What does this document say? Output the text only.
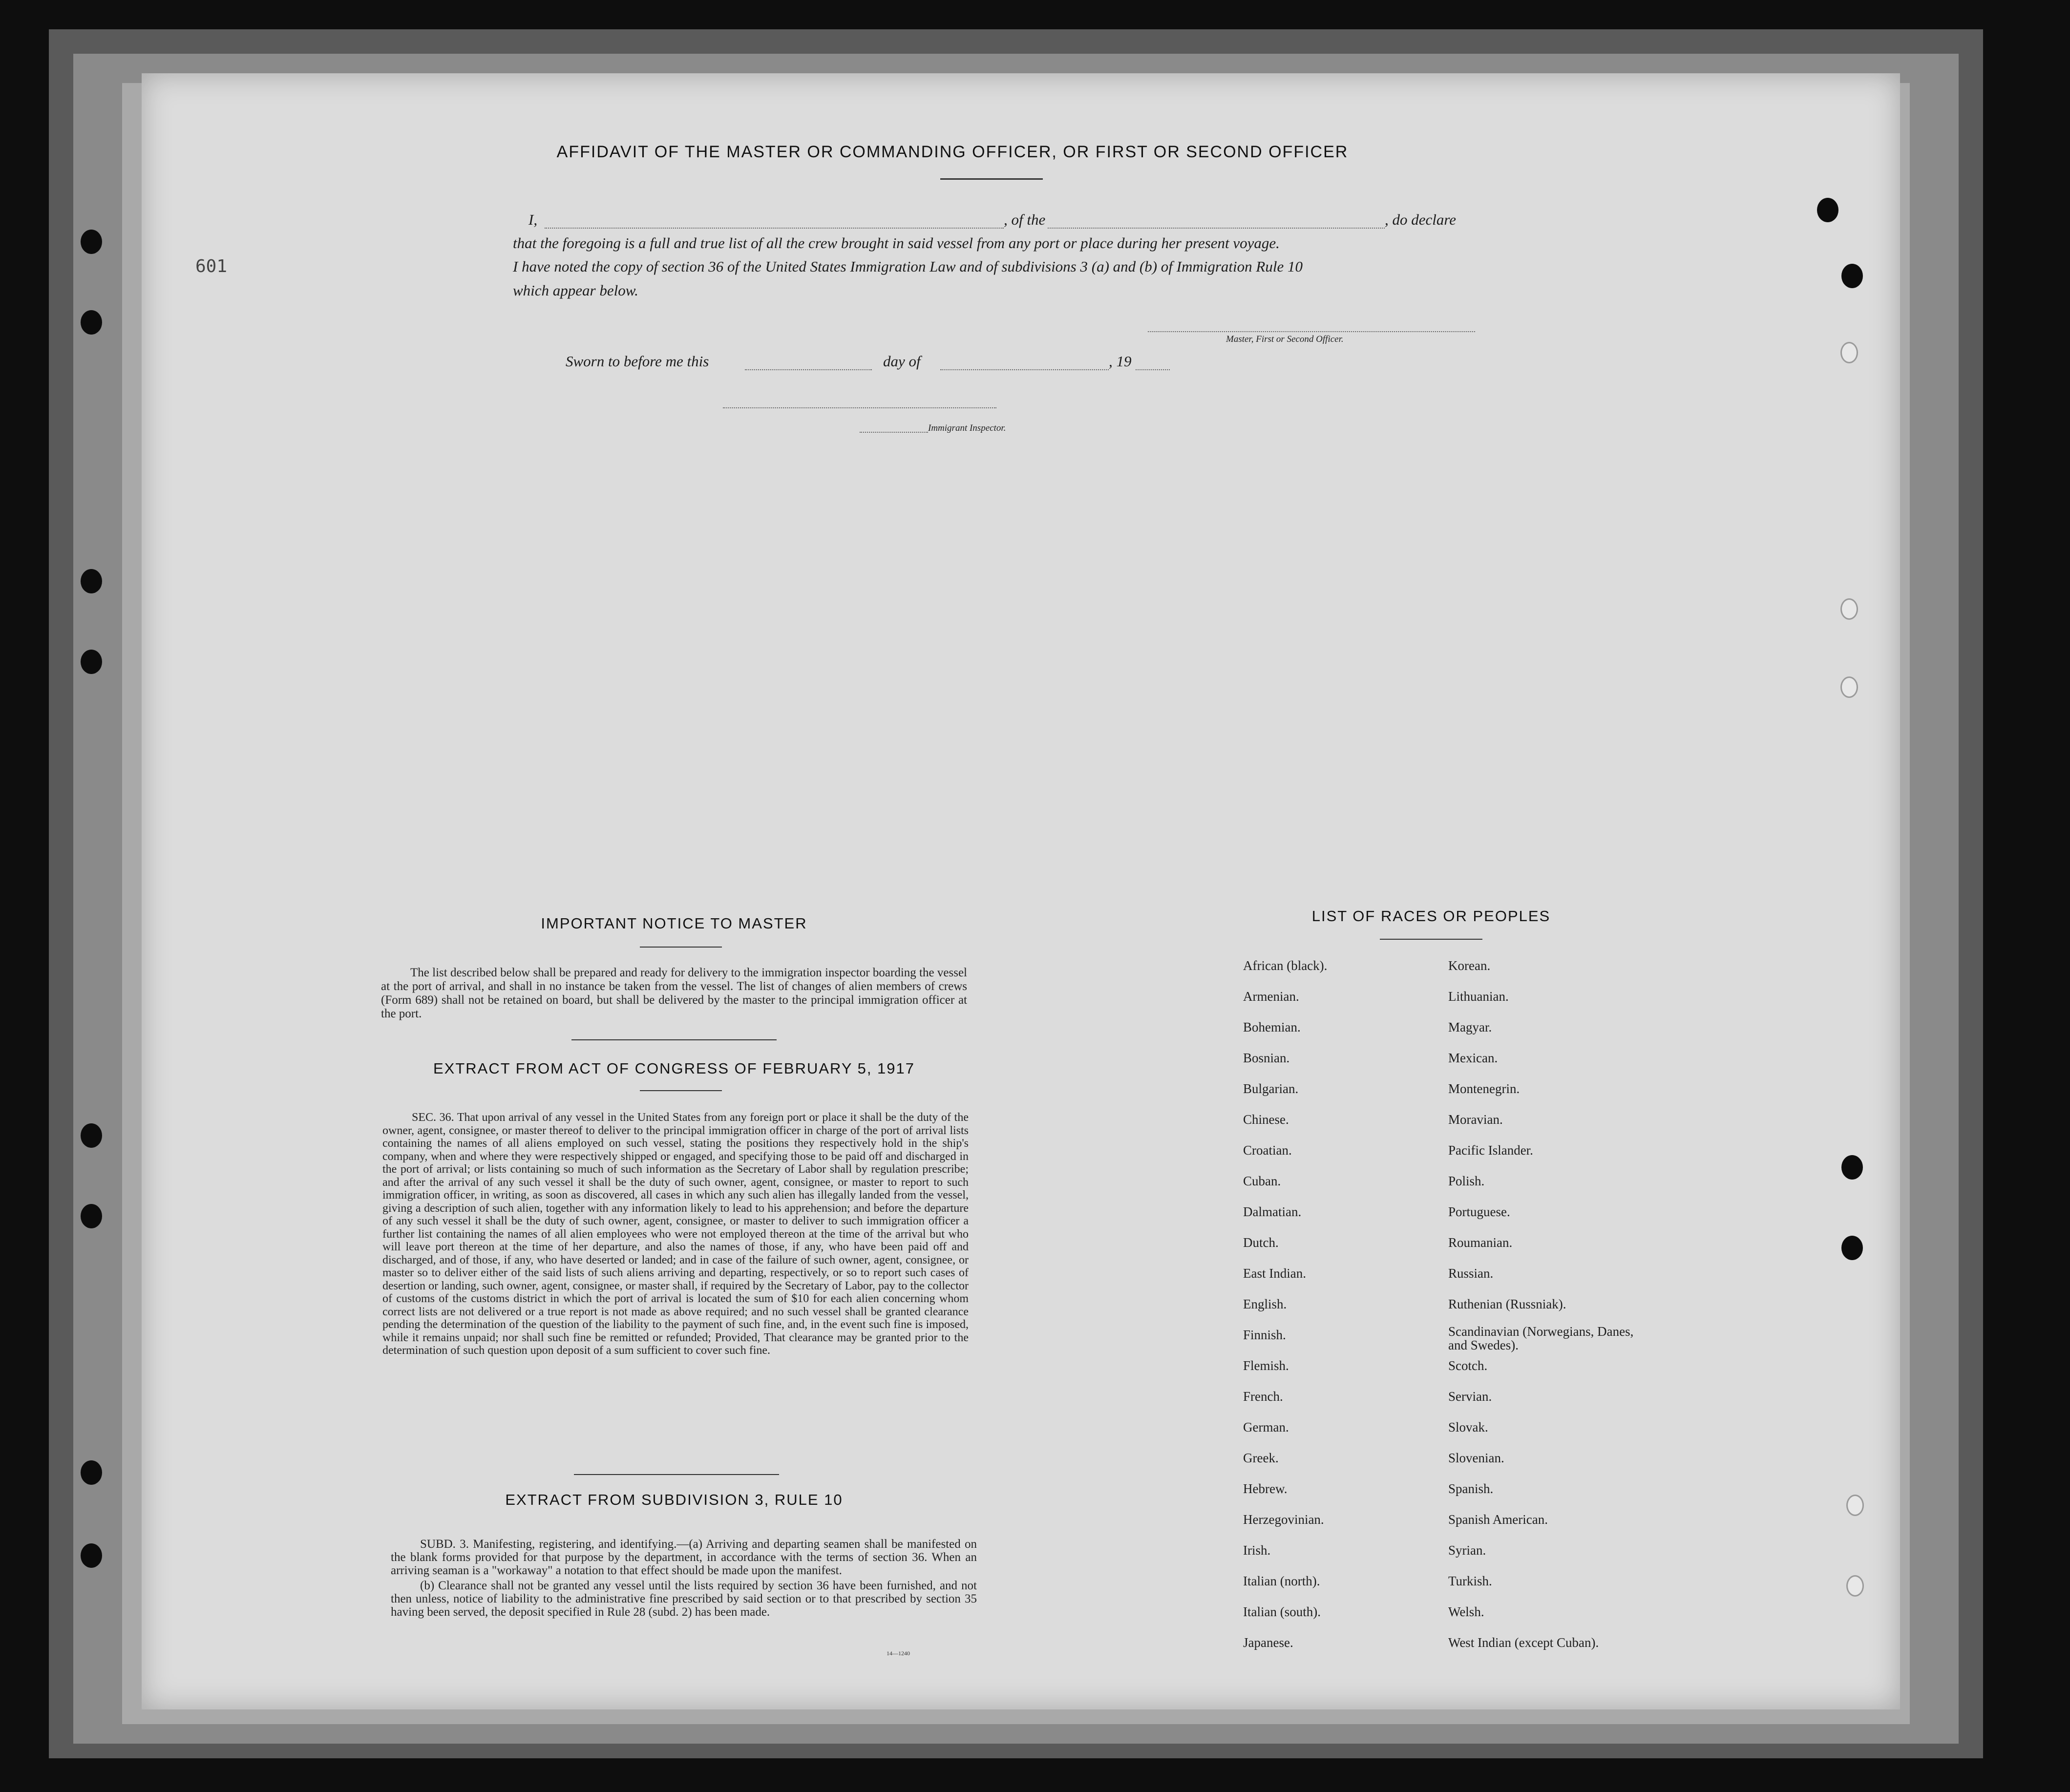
601
AFFIDAVIT OF THE MASTER OR COMMANDING OFFICER, OR FIRST OR SECOND OFFICER
I,	, of the	, do declare
that the foregoing is a full and true list of all the crew brought in said vessel from any port or place during her present voyage.
I have noted the copy of section 36 of the United States Immigration Law and of subdivisions 3 (a) and (b) of Immigration Rule 10
which appear below.
Master, First or Second Officer.
Sworn to before me this	day of	, 19
Immigrant Inspector.
IMPORTANT NOTICE TO MASTER

The list described below shall be prepared and ready for delivery to the immigration inspector boarding the vessel at the port of arrival, and shall in no instance be taken from the vessel. The list of changes of alien members of crews (Form 689) shall not be retained on board, but shall be delivered by the master to the principal immigration officer at the port.

EXTRACT FROM ACT OF CONGRESS OF FEBRUARY 5, 1917

SEC. 36. That upon arrival of any vessel in the United States from any foreign port or place it shall be the duty of the owner, agent, consignee, or master thereof to deliver to the principal immigration officer in charge of the port of arrival lists containing the names of all aliens employed on such vessel, stating the positions they respectively hold in the ship's company, when and where they were respectively shipped or engaged, and specifying those to be paid off and discharged in the port of arrival; or lists containing so much of such information as the Secretary of Labor shall by regulation prescribe; and after the arrival of any such vessel it shall be the duty of such owner, agent, consignee, or master to report to such immigration officer, in writing, as soon as discovered, all cases in which any such alien has illegally landed from the vessel, giving a description of such alien, together with any information likely to lead to his apprehension; and before the departure of any such vessel it shall be the duty of such owner, agent, consignee, or master to deliver to such immigration officer a further list containing the names of all alien employees who were not employed thereon at the time of the arrival but who will leave port thereon at the time of her departure, and also the names of those, if any, who have been paid off and discharged, and of those, if any, who have deserted or landed; and in case of the failure of such owner, agent, consignee, or master so to deliver either of the said lists of such aliens arriving and departing, respectively, or so to report such cases of desertion or landing, such owner, agent, consignee, or master shall, if required by the Secretary of Labor, pay to the collector of customs of the customs district in which the port of arrival is located the sum of $10 for each alien concerning whom correct lists are not delivered or a true report is not made as above required; and no such vessel shall be granted clearance pending the determination of the question of the liability to the payment of such fine, and, in the event such fine is imposed, while it remains unpaid; nor shall such fine be remitted or refunded; Provided, That clearance may be granted prior to the determination of such question upon deposit of a sum sufficient to cover such fine.

EXTRACT FROM SUBDIVISION 3, RULE 10

SUBD. 3. Manifesting, registering, and identifying.—(a) Arriving and departing seamen shall be manifested on the blank forms provided for that purpose by the department, in accordance with the terms of section 36. When an arriving seaman is a "workaway" a notation to that effect should be made upon the manifest.

(b) Clearance shall not be granted any vessel until the lists required by section 36 have been furnished, and not then unless, notice of liability to the administrative fine prescribed by said section or to that prescribed by section 35 having been served, the deposit specified in Rule 28 (subd. 2) has been made.

14—1240
LIST OF RACES OR PEOPLES
African (black).
Armenian.
Bohemian.
Bosnian.
Bulgarian.
Chinese.
Croatian.
Cuban.
Dalmatian.
Dutch.
East Indian.
English.
Finnish.
Flemish.
French.
German.
Greek.
Hebrew.
Herzegovinian.
Irish.
Italian (north).
Italian (south).
Japanese.
Korean.
Lithuanian.
Magyar.
Mexican.
Montenegrin.
Moravian.
Pacific Islander.
Polish.
Portuguese.
Roumanian.
Russian.
Ruthenian (Russniak).
Scandinavian (Norwegians, Danes, and Swedes).
Scotch.
Servian.
Slovak.
Slovenian.
Spanish.
Spanish American.
Syrian.
Turkish.
Welsh.
West Indian (except Cuban).
